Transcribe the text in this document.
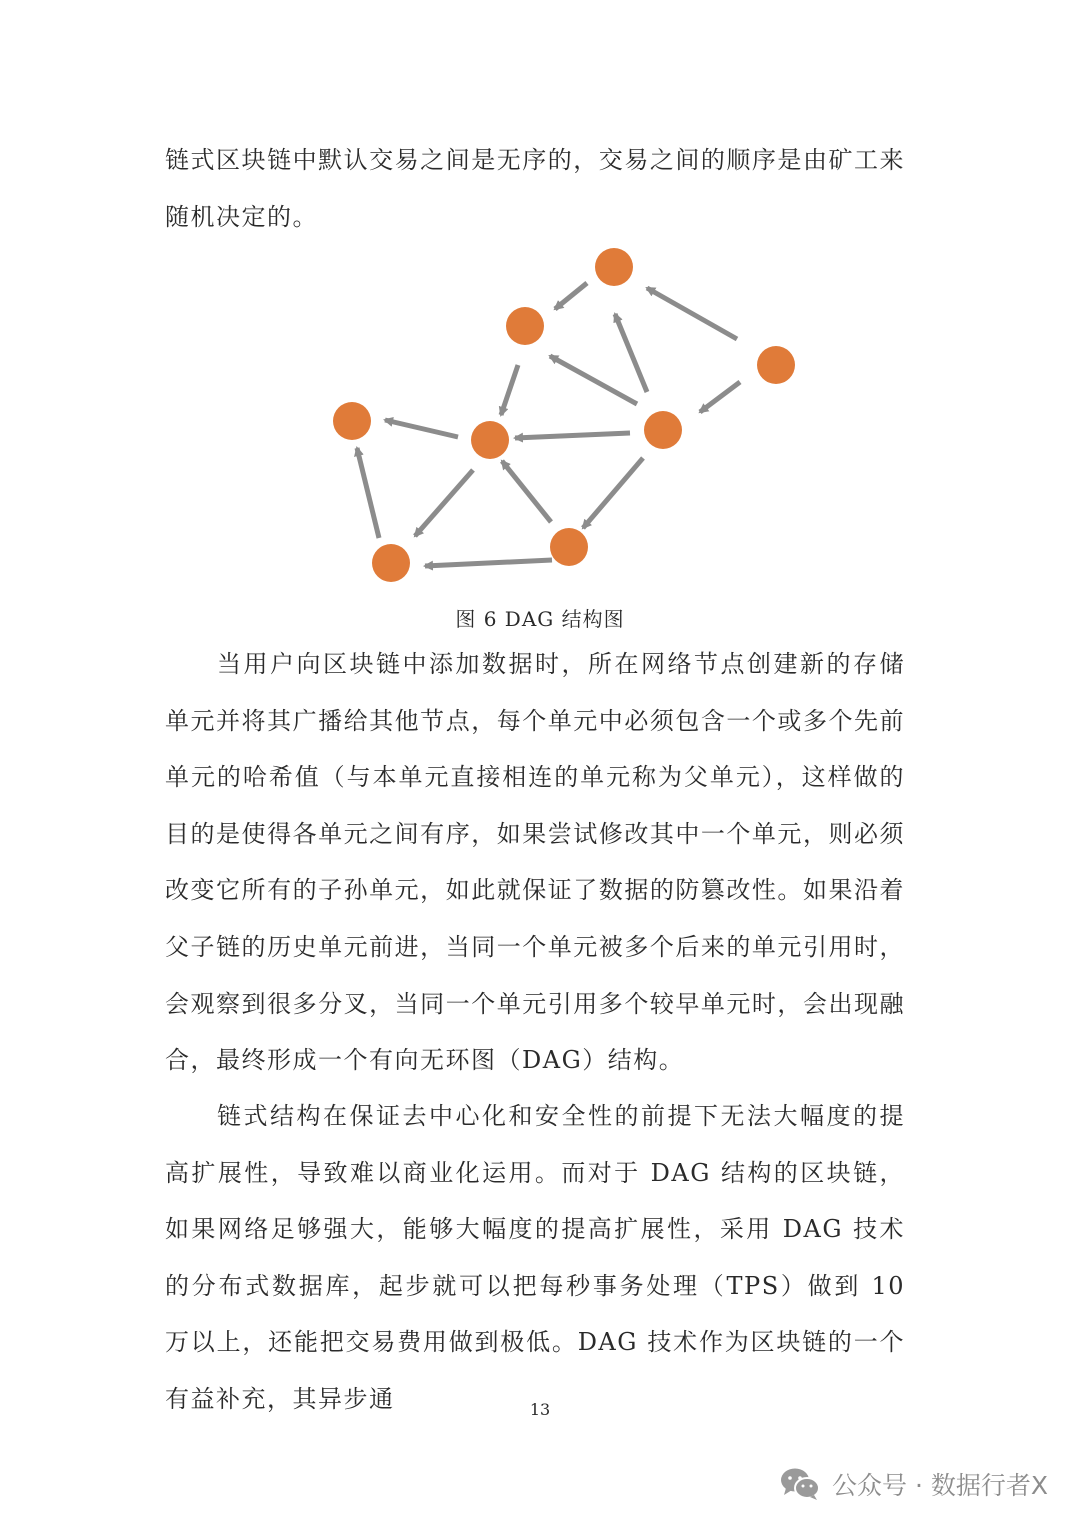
链式区块链中默认交易之间是无序的，交易之间的顺序是由矿工来随机决定的。

图 6 DAG 结构图

当用户向区块链中添加数据时，所在网络节点创建新的存储单元并将其广播给其他节点，每个单元中必须包含一个或多个先前单元的哈希值（与本单元直接相连的单元称为父单元），这样做的目的是使得各单元之间有序，如果尝试修改其中一个单元，则必须改变它所有的子孙单元，如此就保证了数据的防篡改性。如果沿着父子链的历史单元前进，当同一个单元被多个后来的单元引用时，会观察到很多分叉，当同一个单元引用多个较早单元时，会出现融合，最终形成一个有向无环图（DAG）结构。

链式结构在保证去中心化和安全性的前提下无法大幅度的提高扩展性，导致难以商业化运用。而对于 DAG 结构的区块链，如果网络足够强大，能够大幅度的提高扩展性，采用 DAG 技术的分布式数据库，起步就可以把每秒事务处理（TPS）做到 10 万以上，还能把交易费用做到极低。DAG 技术作为区块链的一个有益补充，其异步通	13
公众号 · 数据行者X
